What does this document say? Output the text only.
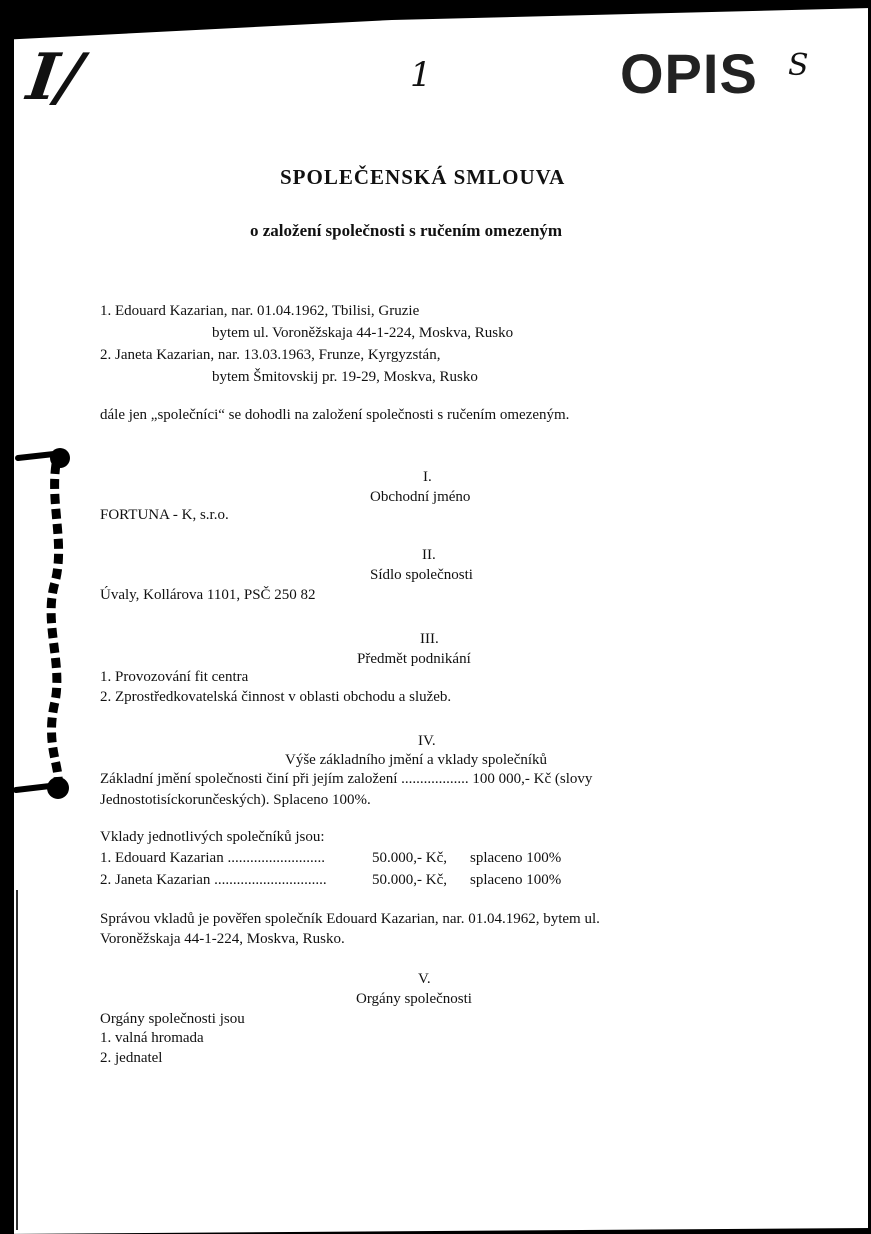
I/	1	S
OPIS
SPOLEČENSKÁ SMLOUVA
o založení společnosti s ručením omezeným
1. Edouard Kazarian, nar. 01.04.1962, Tbilisi, Gruzie
bytem ul. Voroněžskaja 44-1-224, Moskva, Rusko
2. Janeta Kazarian, nar. 13.03.1963, Frunze, Kyrgyzstán,
bytem Šmitovskij pr. 19-29, Moskva, Rusko
dále jen „společníci“ se dohodli na založení společnosti s ručením omezeným.
I.
Obchodní jméno
FORTUNA - K, s.r.o.
II.
Sídlo společnosti
Úvaly, Kollárova 1101, PSČ 250 82
III.
Předmět podnikání
1. Provozování fit centra
2. Zprostředkovatelská činnost v oblasti obchodu a služeb.
IV.
Výše základního jmění a vklady společníků
Základní jmění společnosti činí při jejím založení .................. 100 000,- Kč (slovy
Jednostotisíckorunčeských). Splaceno 100%.
Vklady jednotlivých společníků jsou:
1. Edouard Kazarian ..........................	50.000,- Kč, splaceno 100%
2. Janeta Kazarian ..............................	50.000,- Kč, splaceno 100%
Správou vkladů je pověřen společník Edouard Kazarian, nar. 01.04.1962, bytem ul.
Voroněžskaja 44-1-224, Moskva, Rusko.
V.
Orgány společnosti
Orgány společnosti jsou
1. valná hromada
2. jednatel
